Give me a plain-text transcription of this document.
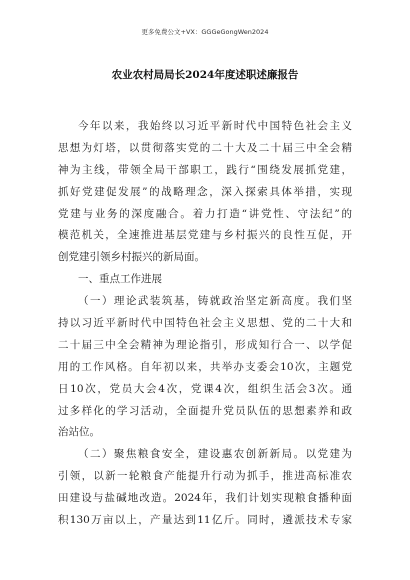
更多免费公文+VX：GGGeGongWen2024
农业农村局局长2024年度述职述廉报告
今年以来，我始终以习近平新时代中国特色社会主义
思想为灯塔，以贯彻落实党的二十大及二十届三中全会精
神为主线，带领全局干部职工，践行“围绕发展抓党建，
抓好党建促发展”的战略理念，深入探索具体举措，实现
党建与业务的深度融合。着力打造“讲党性、守法纪”的
模范机关，全速推进基层党建与乡村振兴的良性互促，开
创党建引领乡村振兴的新局面。
一、重点工作进展
（一）理论武装筑基，铸就政治坚定新高度。我们坚
持以习近平新时代中国特色社会主义思想、党的二十大和
二十届三中全会精神为理论指引，形成知行合一、以学促
用的工作风格。自年初以来，共举办支委会10次，主题党
日10次，党员大会4次，党课4次，组织生活会3次。通
过多样化的学习活动，全面提升党员队伍的思想素养和政
治站位。
（二）聚焦粮食安全，建设惠农创新新局。以党建为
引领，以新一轮粮食产能提升行动为抓手，推进高标准农
田建设与盐碱地改造。2024年，我们计划实现粮食播种面
积130万亩以上，产量达到11亿斤。同时，遴派技术专家
